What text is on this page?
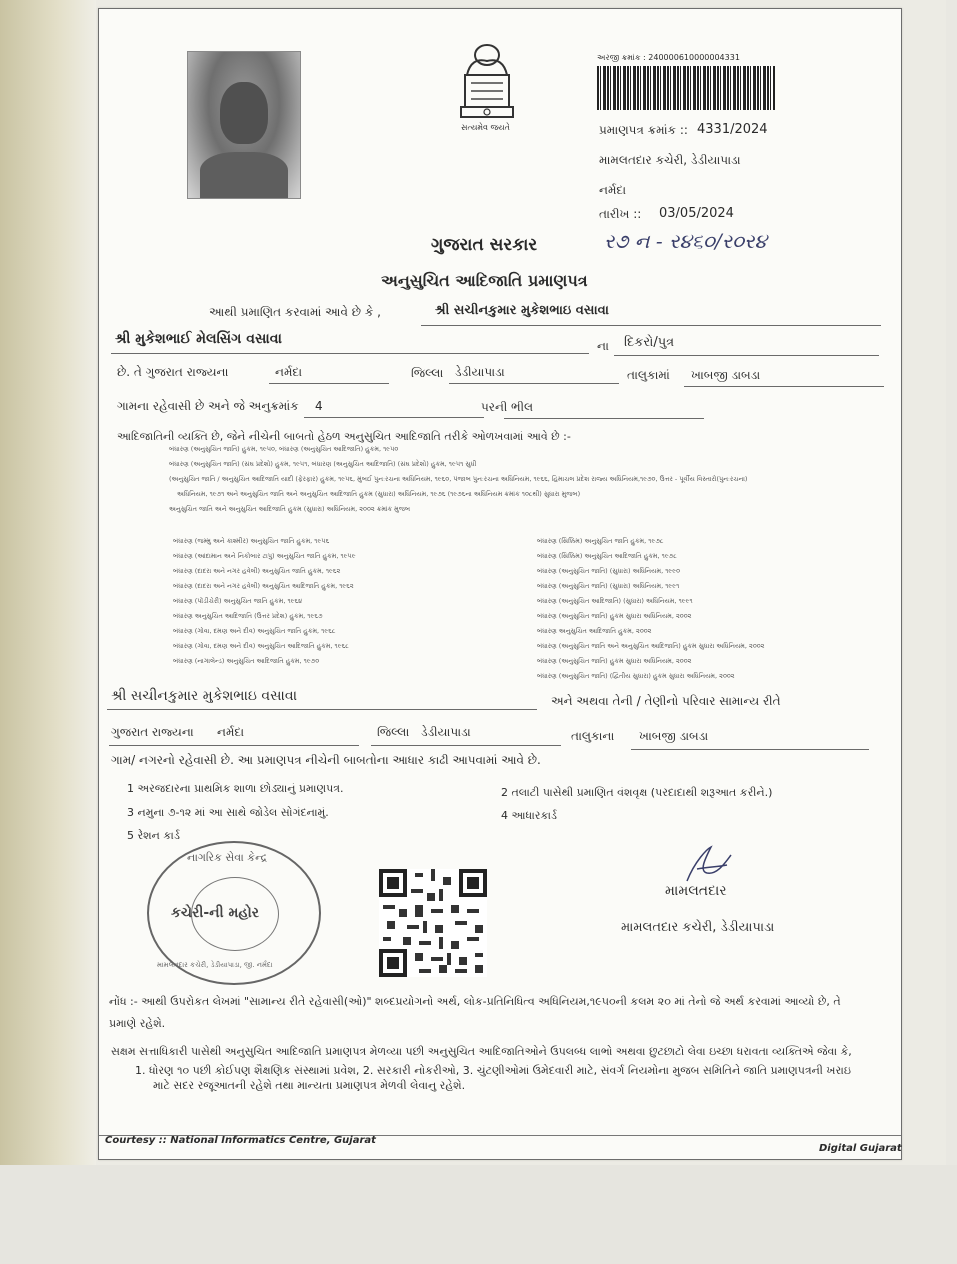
સત્યમેવ જયતે
અરજી ક્રમાંક : 240000610000004331
પ્રમાણપત્ર ક્રમાંક :: 4331/2024
મામલતદાર કચેરી, ડેડીયાપાડા
નર્મદા
તારીખ :: 03/05/2024
ગુજરાત સરકાર	ર૭ ન - ર૪૬૦/ર૦ર૪
અનુસુચિત આદિજાતિ પ્રમાણપત્ર
આથી પ્રમાણિત કરવામાં આવે છે કે ,	શ્રી સચીનકુમાર મુકેશભાઇ વસાવા
શ્રી મુકેશભાઈ મેલસિંગ વસાવા	ના દિકરો/પુત્ર
છે. તે ગુજરાત રાજ્યના	નર્મદા	જિલ્લા ડેડીયાપાડા	તાલુકામાં ખાબજી ડાબડા
ગામના રહેવાસી છે અને જે અનુક્રમાંક 4	પરની ભીલ
આદિજાતિની વ્યક્તિ છે, જેને નીચેની બાબતો હેઠળ અનુસુચિત આદિજાતિ તરીકે ઓળખવામાં આવે છે :-
બંધારણ (અનુસુચિત જાતિ) હુકમ, ૧૯૫૦, બંધારણ (અનુસુચિત આદિજાતિ) હુકમ, ૧૯૫૦
બંધારણ (અનુસુચિત જાતિ) (સંઘ પ્રદેશો) હુકમ, ૧૯૫૧, બંધારણ (અનુસુચિત આદિજાતિ) (સંઘ પ્રદેશો) હુકમ, ૧૯૫૧ સુધી
(અનુસુચિત જાતિ / અનુસુચિત આદિજાતિ યાદી (ફેરફાર) હુકમ, ૧૯૫૬, મુંબઈ પુનઃરચના અધિનિયમ, ૧૯૬૦, પંજાબ પુનઃરચના અધિનિયમ, ૧૯૬૬, હિમાચલ પ્રદેશ રાજ્ય અધિનિયમ,૧૯૭૦, ઉત્તર - પૂર્વીય વિસ્તારો(પુનઃરચના)
અધિનિયમ, ૧૯૭૧ અને અનુસુચિત જાતિ અને અનુસુચિત આદિજાતિ હુકમ (સુધારા) અધિનિયમ, ૧૯૭૬ (૧૯૭૬ના અધિનિયમ ક્રમાંક ૧૦૮થી) સુધારા મુજબ)
અનુસુચિત જાતિ અને અનુસુચિત આદિજાતિ હુકમ (સુધારા) અધિનિયમ, ૨૦૦૨ ક્રમાંક મુજબ
બંધારણ (જમ્મુ અને કાશ્મીર) અનુસુચિત જાતિ હુકમ, ૧૯૫૬
બંધારણ (આંદામાન અને નિકોબાર ટાપુ) અનુસુચિત જાતિ હુકમ, ૧૯૫૯
બંધારણ (દાદરા અને નગર હવેલી) અનુસુચિત જાતિ હુકમ, ૧૯૬૨
બંધારણ (દાદરા અને નગર હવેલી) અનુસુચિત આદિજાતિ હુકમ, ૧૯૬૨
બંધારણ (પોંડીચેરી) અનુસુચિત જાતિ હુકમ, ૧૯૬૪
બંધારણ અનુસુચિત આદિજાતિ (ઉત્તર પ્રદેશ) હુકમ, ૧૯૬૭
બંધારણ (ગોવા, દમણ અને દીવ) અનુસુચિત જાતિ હુકમ, ૧૯૬૮
બંધારણ (ગોવા, દમણ અને દીવ) અનુસુચિત આદિજાતિ હુકમ, ૧૯૬૮
બંધારણ (નાગાલેન્ડ) અનુસુચિત આદિજાતિ હુકમ, ૧૯૭૦
બંધારણ (સિક્કિમ) અનુસુચિત જાતિ હુકમ, ૧૯૭૮
બંધારણ (સિક્કિમ) અનુસુચિત આદિજાતિ હુકમ, ૧૯૭૮
બંધારણ (અનુસુચિત જાતિ) (સુધારા) અધિનિયમ, ૧૯૯૦
બંધારણ (અનુસુચિત જાતિ) (સુધારા) અધિનિયમ, ૧૯૯૧
બંધારણ (અનુસુચિત આદિજાતિ) (સુધારા) અધિનિયમ, ૧૯૯૧
બંધારણ (અનુસુચિત જાતિ) હુકમ સુધારા અધિનિયમ, ૨૦૦૨
બંધારણ અનુસુચિત આદિજાતિ હુકમ, ૨૦૦૨
બંધારણ (અનુસુચિત જાતિ અને અનુસુચિત આદિજાતિ) હુકમ સુધારા અધિનિયમ, ૨૦૦૨
બંધારણ (અનુસુચિત જાતિ) હુકમ સુધારા અધિનિયમ, ૨૦૦૨
બંધારણ (અનુસુચિત જાતિ) (દ્વિતીય સુધારા) હુકમ સુધારા અધિનિયમ, ૨૦૦૨
શ્રી સચીનકુમાર મુકેશભાઇ વસાવા	અને અથવા તેની / તેણીનો પરિવાર સામાન્ય રીતે
ગુજરાત રાજ્યના નર્મદા	જિલ્લા ડેડીયાપાડા	તાલુકાના ખાબજી ડાબડા
ગામ/ નગરનો રહેવાસી છે. આ પ્રમાણપત્ર નીચેની બાબતોના આધાર કાઢી આપવામાં આવે છે.
1 અરજદારના પ્રાથમિક શાળા છોડ્યાનું પ્રમાણપત્ર.	2 તલાટી પાસેથી પ્રમાણિત વંશવૃક્ષ (પરદાદાથી શરૂઆત કરીને.)
3 નમુના ૭-૧૨ માં આ સાથે જોડેલ સોગંદનામું.	4 આધારકાર્ડ
5 રેશન કાર્ડ
નાગરિક સેવા કેન્દ્ર
કચેરી-ની મહોર
મામલતદાર કચેરી, ડેડીયાપાડા, જી. નર્મદા
મામલતદાર
મામલતદાર કચેરી, ડેડીયાપાડા
નોંધ :- આથી ઉપરોકત લેખમાં "સામાન્ય રીતે રહેવાસી(ઓ)" શબ્દપ્રયોગનો અર્થ, લોક-પ્રતિનિધિત્વ અધિનિયમ,૧૯૫૦ની કલમ ૨૦ માં તેનો જે અર્થ કરવામાં આવ્યો છે, તે
પ્રમાણે રહેશે.
સક્ષમ સત્તાધિકારી પાસેથી અનુસુચિત આદિજાતિ પ્રમાણપત્ર મેળવ્યા પછી અનુસુચિત આદિજાતિઓને ઉપલબ્ધ લાભો અથવા છુટછાટો લેવા ઇચ્છા ધરાવતા વ્યક્તિએ જેવા કે,
1. ધોરણ ૧૦ પછી કોઈપણ શૈક્ષણિક સંસ્થામાં પ્રવેશ, 2. સરકારી નોકરીઓ, 3. ચુંટણીઓમાં ઉમેદવારી માટે, સંવર્ગ નિયમોના મુજબ સમિતિને જાતિ પ્રમાણપત્રની ખરાઇ
માટે સદર રજૂઆતની રહેશે તથા માન્યતા પ્રમાણપત્ર મેળવી લેવાનુ રહેશે.
Courtesy :: National Informatics Centre, Gujarat
Digital Gujarat
